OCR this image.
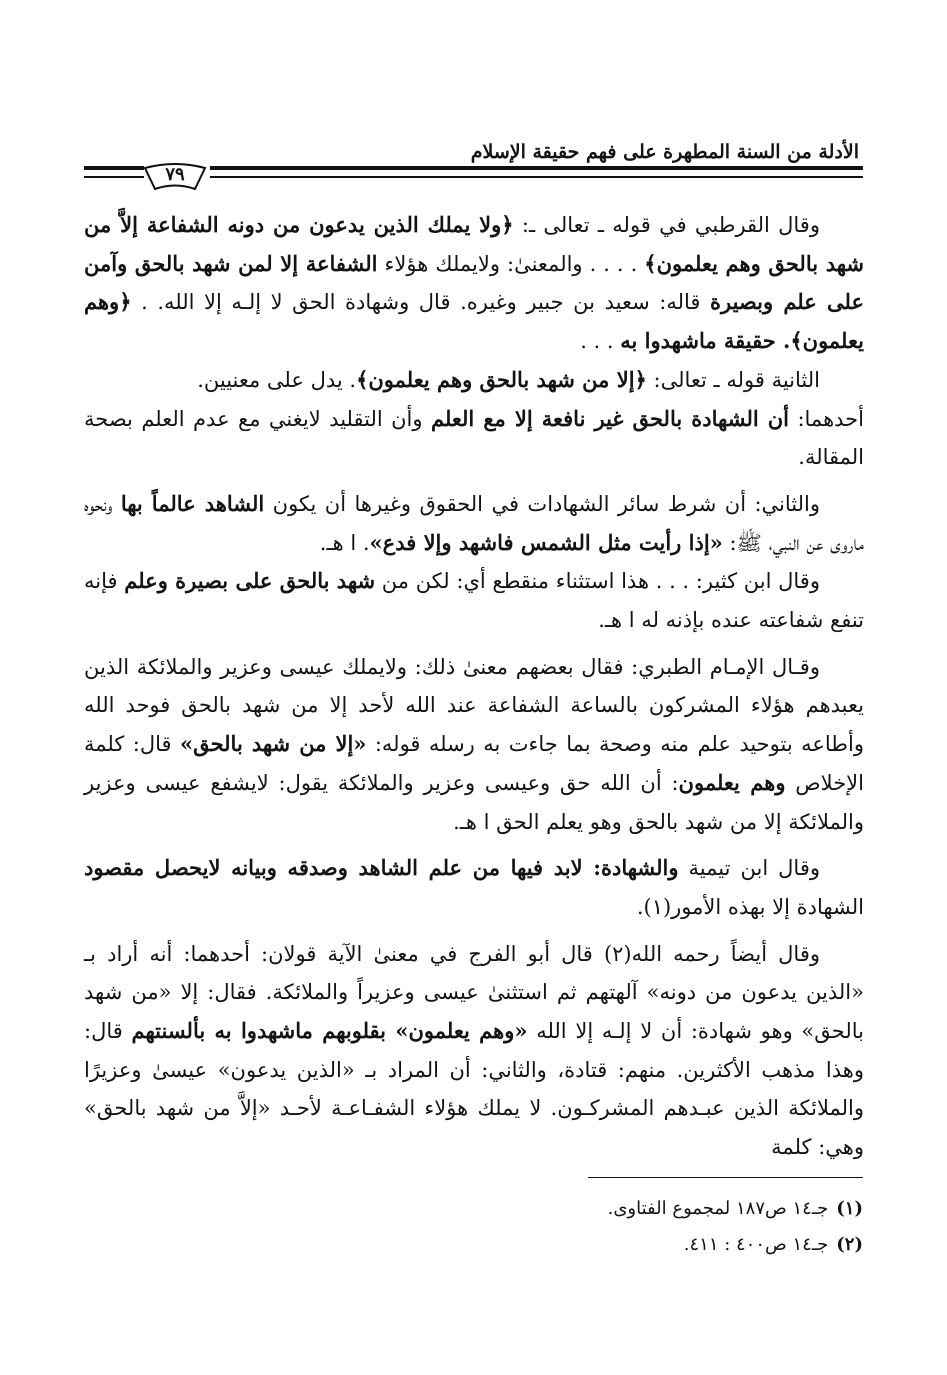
الأدلة من السنة المطهرة على فهم حقيقة الإسلام
٧٩

وقال القرطبي في قوله ـ تعالى ـ: ﴿ولا يملك الذين يدعون من دونه الشفاعة إلاَّ من شهد بالحق وهم يعلمون﴾ . . . . والمعنىٰ: ولايملك هؤلاء الشفاعة إلا لمن شهد بالحق وآمن على علم وبصيرة قاله: سعيد بن جبير وغيره. قال وشهادة الحق لا إلـه إلا الله. . ﴿وهم يعلمون﴾. حقيقة ماشهدوا به . . .

الثانية قوله ـ تعالى: ﴿إلا من شهد بالحق وهم يعلمون﴾. يدل على معنيين.

أحدهما: أن الشهادة بالحق غير نافعة إلا مع العلم وأن التقليد لايغني مع عدم العلم بصحة المقالة.

والثاني: أن شرط سائر الشهادات في الحقوق وغيرها أن يكون الشاهد عالماً بها ونحوه ماروى عن النبي، ﷺ: «إذا رأيت مثل الشمس فاشهد وإلا فدع». ا هـ.

وقال ابن كثير: . . . هذا استثناء منقطع أي: لكن من شهد بالحق على بصيرة وعلم فإنه تنفع شفاعته عنده بإذنه له ا هـ.

وقـال الإمـام الطبري: فقال بعضهم معنىٰ ذلك: ولايملك عيسى وعزير والملائكة الذين يعبدهم هؤلاء المشركون بالساعة الشفاعة عند الله لأحد إلا من شهد بالحق فوحد الله وأطاعه بتوحيد علم منه وصحة بما جاءت به رسله قوله: «إلا من شهد بالحق» قال: كلمة الإخلاص وهم يعلمون: أن الله حق وعيسى وعزير والملائكة يقول: لايشفع عيسى وعزير والملائكة إلا من شهد بالحق وهو يعلم الحق ا هـ.

وقال ابن تيمية والشهادة: لابد فيها من علم الشاهد وصدقه وبيانه لايحصل مقصود الشهادة إلا بهذه الأمور(١).

وقال أيضاً رحمه الله(٢) قال أبو الفرج في معنىٰ الآية قولان: أحدهما: أنه أراد بـ «الذين يدعون من دونه» آلهتهم ثم استثنىٰ عيسى وعزيراً والملائكة. فقال: إلا «من شهد بالحق» وهو شهادة: أن لا إلـه إلا الله «وهم يعلمون» بقلوبهم ماشهدوا به بألسنتهم قال: وهذا مذهب الأكثرين. منهم: قتادة، والثاني: أن المراد بـ «الذين يدعون» عيسىٰ وعزيرًا والملائكة الذين عبـدهم المشركـون. لا يملك هؤلاء الشفـاعـة لأحـد «إلاَّ من شهد بالحق» وهي: كلمة

(١)جـ١٤ ص١٨٧ لمجموع الفتاوى.

(٢)جـ١٤ ص٤٠٠ : ٤١١.
